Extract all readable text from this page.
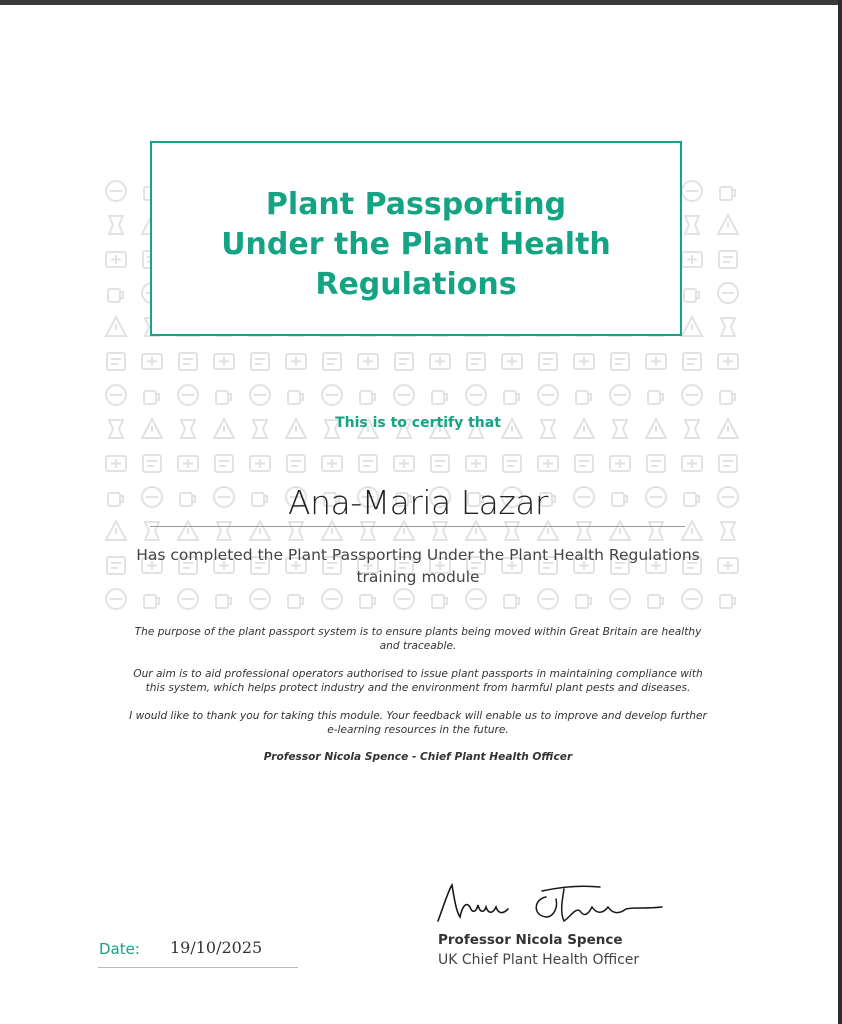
Plant Passporting
Under the Plant Health
Regulations
This is to certify that
Ana-Maria Lazar
Has completed the Plant Passporting Under the Plant Health Regulations
training module
The purpose of the plant passport system is to ensure plants being moved within Great Britain are healthy
and traceable.
Our aim is to aid professional operators authorised to issue plant passports in maintaining compliance with
this system, which helps protect industry and the environment from harmful plant pests and diseases.
I would like to thank you for taking this module. Your feedback will enable us to improve and develop further
e-learning resources in the future.
Professor Nicola Spence - Chief Plant Health Officer
Date: 19/10/2025	Professor Nicola Spence
UK Chief Plant Health Officer
